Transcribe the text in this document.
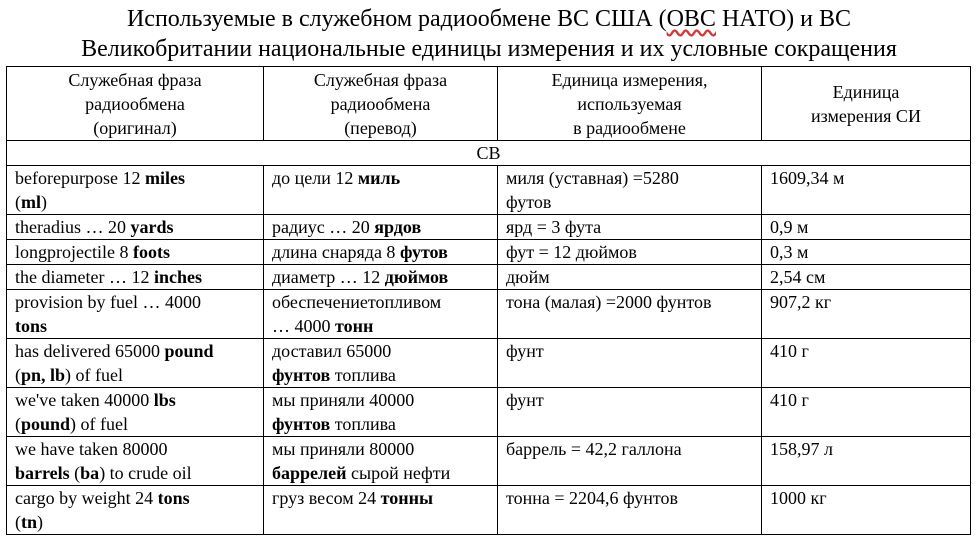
Используемые в служебном радиообмене ВС США (ОВС НАТО) и ВС
Великобритании национальные единицы измерения и их условные сокращения
Служебная фраза
радиообмена
(оригинал)	Служебная фраза
радиообмена
(перевод)	Единица измерения,
используемая
в радиообмене	Единица
измерения СИ
СВ			
beforepurpose 12 miles
(ml)	до цели 12 миль	миля (уставная) =5280
футов	1609,34 м
theradius … 20 yards	радиус … 20 ярдов	ярд = 3 фута	0,9 м
longprojectile 8 foots	длина снаряда 8 футов	фут = 12 дюймов	0,3 м
the diameter … 12 inches	диаметр … 12 дюймов	дюйм	2,54 см
provision by fuel … 4000
tons	обеспечениетопливом
… 4000 тонн	тона (малая) =2000 фунтов	907,2 кг
has delivered 65000 pound
(pn, lb) of fuel	доставил 65000
фунтов топлива	фунт	410 г
we've taken 40000 lbs
(pound) of fuel	мы приняли 40000
фунтов топлива	фунт	410 г
we have taken 80000
barrels (ba) to crude oil	мы приняли 80000
баррелей сырой нефти	баррель = 42,2 галлона	158,97 л
cargo by weight 24 tons
(tn)	груз весом 24 тонны	тонна = 2204,6 фунтов	1000 кг
